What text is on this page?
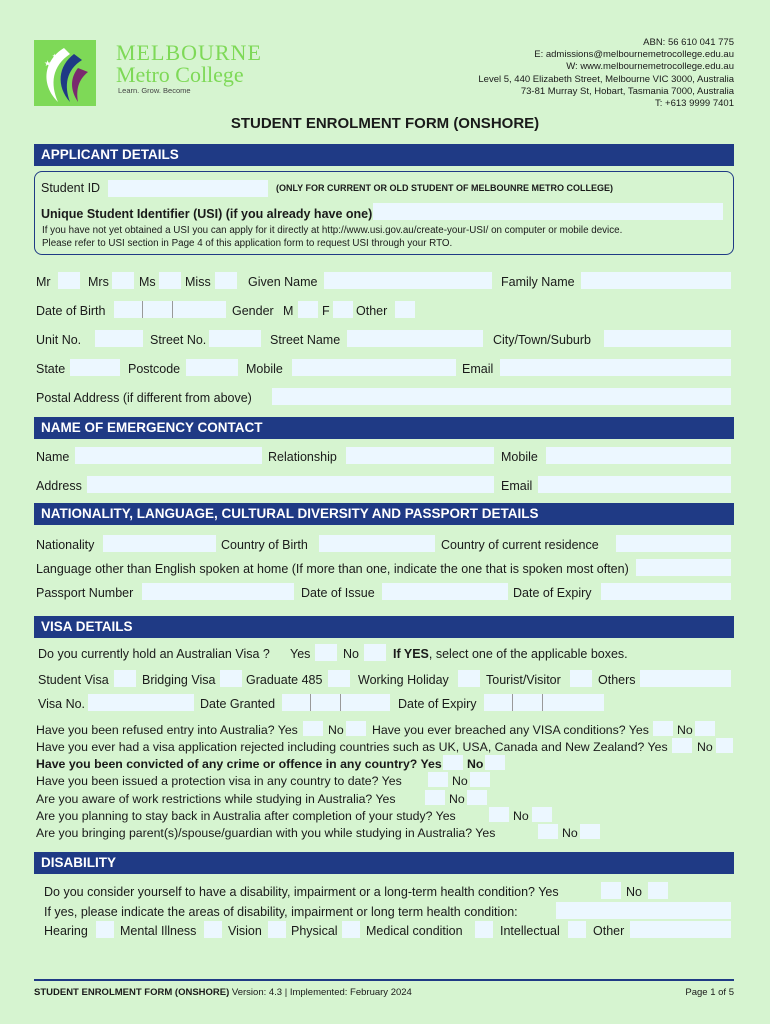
★
★	MELBOURNE
Metro College
Learn. Grow. Become
ABN: 56 610 041 775
E: admissions@melbournemetrocollege.edu.au
W: www.melbournemetrocollege.edu.au
Level 5, 440 Elizabeth Street, Melbourne VIC 3000, Australia
73-81 Murray St, Hobart, Tasmania 7000, Australia
T: +613 9999 7401
STUDENT ENROLMENT FORM (ONSHORE)
APPLICANT DETAILS
Student ID	(ONLY FOR CURRENT OR OLD STUDENT OF MELBOUNRE METRO COLLEGE)
Unique Student Identifier (USI) (if you already have one)
If you have not yet obtained a USI you can apply for it directly at http://www.usi.gov.au/create-your-USI/ on computer or mobile device.
Please refer to USI section in Page 4 of this application form to request USI through your RTO.
Mr	Mrs Ms Miss	Given Name	Family Name
Date of Birth	Gender M F Other
Unit No.	Street No.	Street Name	City/Town/Suburb
State	Postcode	Mobile	Email
Postal Address (if different from above)
NAME OF EMERGENCY CONTACT
Name	Relationship	Mobile
Address	Email
NATIONALITY, LANGUAGE, CULTURAL DIVERSITY AND PASSPORT DETAILS
Nationality	Country of Birth	Country of current residence
Language other than English spoken at home (If more than one, indicate the one that is spoken most often)
Passport Number	Date of Issue	Date of Expiry
VISA DETAILS
Do you currently hold an Australian Visa ? Yes	No	If YES, select one of the applicable boxes.
Student Visa	Bridging Visa Graduate 485	Working Holiday	Tourist/Visitor	Others
Visa No.	Date Granted	Date of Expiry
Have you been refused entry into Australia? Yes No Have you ever breached any VISA conditions? Yes No
Have you ever had a visa application rejected including countries such as UK, USA, Canada and New Zealand? Yes No
Have you been convicted of any crime or offence in any country? Yes No
Have you been issued a protection visa in any country to date? Yes	No
Are you aware of work restrictions while studying in Australia? Yes	No
Are you planning to stay back in Australia after completion of your study? Yes	No
Are you bringing parent(s)/spouse/guardian with you while studying in Australia? Yes	No
DISABILITY
Do you consider yourself to have a disability, impairment or a long-term health condition? Yes	No
If yes, please indicate the areas of disability, impairment or long term health condition:
Hearing	Mental Illness	Vision Physical Medical condition	Intellectual	Other
STUDENT ENROLMENT FORM (ONSHORE) Version: 4.3 | Implemented: February 2024	Page 1 of 5
